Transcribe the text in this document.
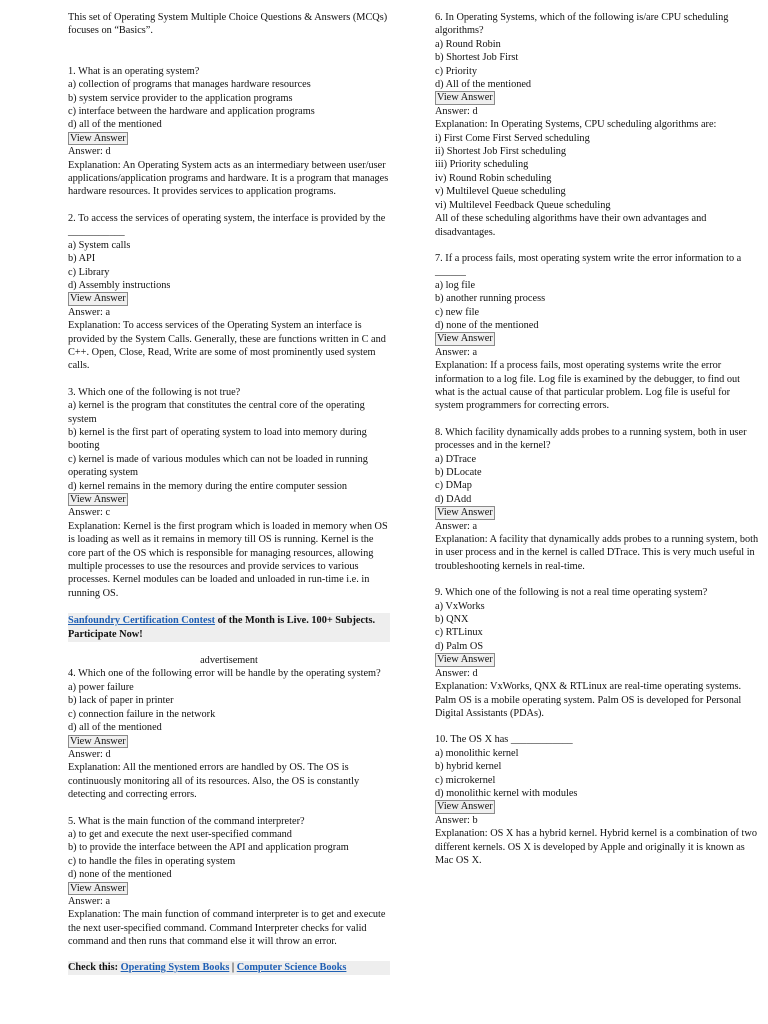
This set of Operating System Multiple Choice Questions & Answers (MCQs) focuses on “Basics”.

1. What is an operating system?

a) collection of programs that manages hardware resources

b) system service provider to the application programs

c) interface between the hardware and application programs

d) all of the mentioned

View Answer

Answer: d

Explanation: An Operating System acts as an intermediary between user/user applications/application programs and hardware. It is a program that manages hardware resources. It provides services to application programs.

2. To access the services of operating system, the interface is provided by the ___________

a) System calls

b) API

c) Library

d) Assembly instructions

View Answer

Answer: a

Explanation: To access services of the Operating System an interface is provided by the System Calls. Generally, these are functions written in C and C++. Open, Close, Read, Write are some of most prominently used system calls.

3. Which one of the following is not true?

a) kernel is the program that constitutes the central core of the operating system

b) kernel is the first part of operating system to load into memory during booting

c) kernel is made of various modules which can not be loaded in running operating system

d) kernel remains in the memory during the entire computer session

View Answer

Answer: c

Explanation: Kernel is the first program which is loaded in memory when OS is loading as well as it remains in memory till OS is running. Kernel is the core part of the OS which is responsible for managing resources, allowing multiple processes to use the resources and provide services to various processes. Kernel modules can be loaded and unloaded in run-time i.e. in running OS.

Sanfoundry Certification Contest of the Month is Live. 100+ Subjects. Participate Now!

advertisement

4. Which one of the following error will be handle by the operating system?

a) power failure

b) lack of paper in printer

c) connection failure in the network

d) all of the mentioned

View Answer

Answer: d

Explanation: All the mentioned errors are handled by OS. The OS is continuously monitoring all of its resources. Also, the OS is constantly detecting and correcting errors.

5. What is the main function of the command interpreter?

a) to get and execute the next user-specified command

b) to provide the interface between the API and application program

c) to handle the files in operating system

d) none of the mentioned

View Answer

Answer: a

Explanation: The main function of command interpreter is to get and execute the next user-specified command. Command Interpreter checks for valid command and then runs that command else it will throw an error.

Check this: Operating System Books | Computer Science Books

6. In Operating Systems, which of the following is/are CPU scheduling algorithms?

a) Round Robin

b) Shortest Job First

c) Priority

d) All of the mentioned

View Answer

Answer: d

Explanation: In Operating Systems, CPU scheduling algorithms are:

i) First Come First Served scheduling

ii) Shortest Job First scheduling

iii) Priority scheduling

iv) Round Robin scheduling

v) Multilevel Queue scheduling

vi) Multilevel Feedback Queue scheduling

All of these scheduling algorithms have their own advantages and disadvantages.

7. If a process fails, most operating system write the error information to a ______

a) log file

b) another running process

c) new file

d) none of the mentioned

View Answer

Answer: a

Explanation: If a process fails, most operating systems write the error information to a log file. Log file is examined by the debugger, to find out what is the actual cause of that particular problem. Log file is useful for system programmers for correcting errors.

8. Which facility dynamically adds probes to a running system, both in user processes and in the kernel?

a) DTrace

b) DLocate

c) DMap

d) DAdd

View Answer

Answer: a

Explanation: A facility that dynamically adds probes to a running system, both in user process and in the kernel is called DTrace. This is very much useful in troubleshooting kernels in real-time.

9. Which one of the following is not a real time operating system?

a) VxWorks

b) QNX

c) RTLinux

d) Palm OS

View Answer

Answer: d

Explanation: VxWorks, QNX & RTLinux are real-time operating systems. Palm OS is a mobile operating system. Palm OS is developed for Personal Digital Assistants (PDAs).

10. The OS X has ____________

a) monolithic kernel

b) hybrid kernel

c) microkernel

d) monolithic kernel with modules

View Answer

Answer: b

Explanation: OS X has a hybrid kernel. Hybrid kernel is a combination of two different kernels. OS X is developed by Apple and originally it is known as Mac OS X.
